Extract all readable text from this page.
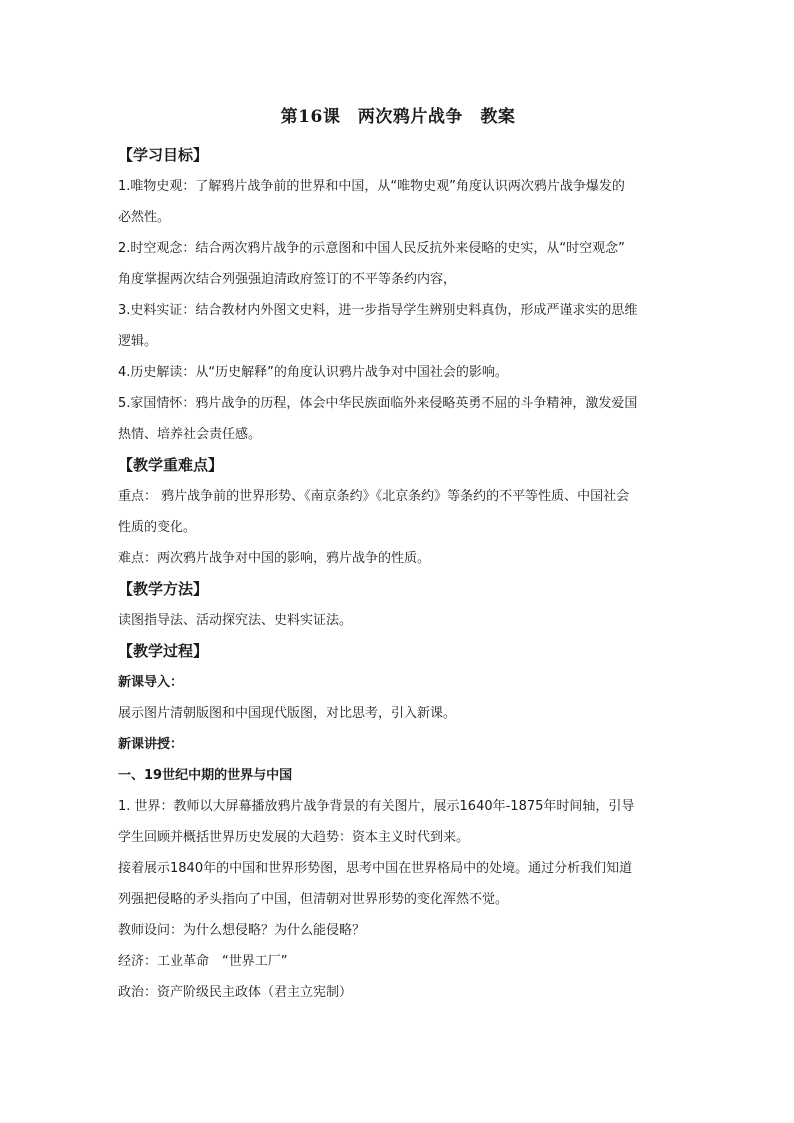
第16课　两次鸦片战争　教案
【学习目标】
1.唯物史观：了解鸦片战争前的世界和中国，从“唯物史观”角度认识两次鸦片战争爆发的
必然性。
2.时空观念：结合两次鸦片战争的示意图和中国人民反抗外来侵略的史实，从“时空观念”
角度掌握两次结合列强强迫清政府签订的不平等条约内容，
3.史料实证：结合教材内外图文史料，进一步指导学生辨别史料真伪，形成严谨求实的思维
逻辑。
4.历史解读：从“历史解释”的角度认识鸦片战争对中国社会的影响。
5.家国情怀：鸦片战争的历程，体会中华民族面临外来侵略英勇不屈的斗争精神，激发爱国
热情、培养社会责任感。
【教学重难点】
重点： 鸦片战争前的世界形势、《南京条约》《北京条约》等条约的不平等性质、中国社会
性质的变化。
难点：两次鸦片战争对中国的影响，鸦片战争的性质。
【教学方法】
读图指导法、活动探究法、史料实证法。
【教学过程】
新课导入：
展示图片清朝版图和中国现代版图，对比思考，引入新课。
新课讲授：
一、19世纪中期的世界与中国
1. 世界：教师以大屏幕播放鸦片战争背景的有关图片，展示1640年-1875年时间轴，引导
学生回顾并概括世界历史发展的大趋势：资本主义时代到来。
接着展示1840年的中国和世界形势图，思考中国在世界格局中的处境。通过分析我们知道
列强把侵略的矛头指向了中国，但清朝对世界形势的变化浑然不觉。
教师设问：为什么想侵略？为什么能侵略？
经济：工业革命　“世界工厂”
政治：资产阶级民主政体（君主立宪制）
